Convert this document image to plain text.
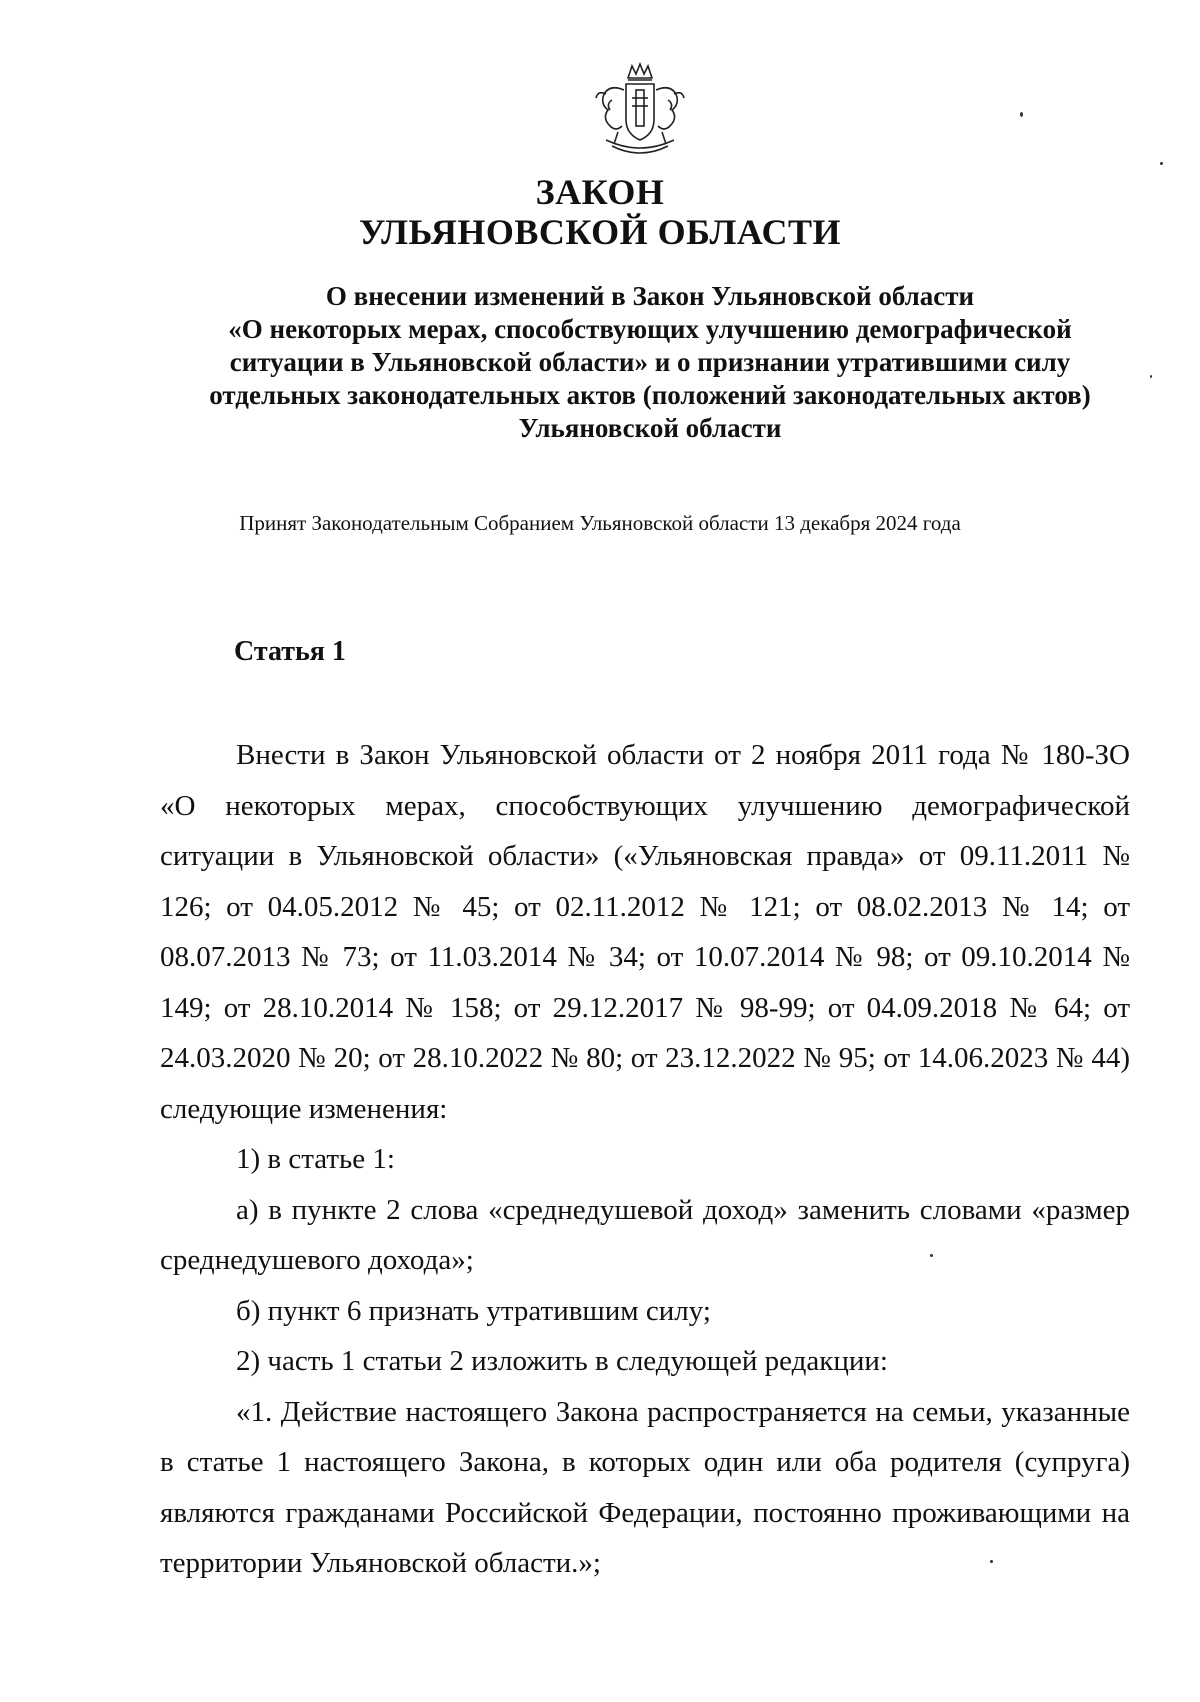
ЗАКОН
УЛЬЯНОВСКОЙ ОБЛАСТИ
О внесении изменений в Закон Ульяновской области
«О некоторых мерах, способствующих улучшению демографической
ситуации в Ульяновской области» и о признании утратившими силу
отдельных законодательных актов (положений законодательных актов)
Ульяновской области
Принят Законодательным Собранием Ульяновской области 13 декабря 2024 года
Статья 1

Внести в Закон Ульяновской области от 2 ноября 2011 года № 180-ЗО «О некоторых мерах, способствующих улучшению демографической ситуации в Ульяновской области» («Ульяновская правда» от 09.11.2011 № 126; от 04.05.2012 № 45; от 02.11.2012 № 121; от 08.02.2013 № 14; от 08.07.2013 № 73; от 11.03.2014 № 34; от 10.07.2014 № 98; от 09.10.2014 № 149; от 28.10.2014 № 158; от 29.12.2017 № 98-99; от 04.09.2018 № 64; от 24.03.2020 № 20; от 28.10.2022 № 80; от 23.12.2022 № 95; от 14.06.2023 № 44) следующие изменения:

1) в статье 1:

а) в пункте 2 слова «среднедушевой доход» заменить словами «размер среднедушевого дохода»;

б) пункт 6 признать утратившим силу;

2) часть 1 статьи 2 изложить в следующей редакции:

«1. Действие настоящего Закона распространяется на семьи, указанные в статье 1 настоящего Закона, в которых один или оба родителя (супруга) являются гражданами Российской Федерации, постоянно проживающими на территории Ульяновской области.»;
